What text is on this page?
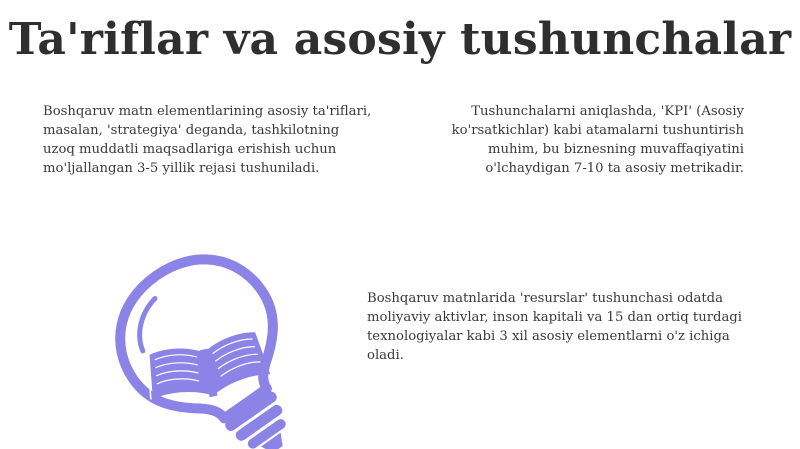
Ta'riflar va asosiy tushunchalar

Boshqaruv matn elementlarining asosiy ta'riflari, masalan, 'strategiya' deganda, tashkilotning uzoq muddatli maqsadlariga erishish uchun mo'ljallangan 3-5 yillik rejasi tushuniladi.

Tushunchalarni aniqlashda, 'KPI' (Asosiy ko'rsatkichlar) kabi atamalarni tushuntirish muhim, bu biznesning muvaffaqiyatini o'lchaydigan 7-10 ta asosiy metrikadir.

Boshqaruv matnlarida 'resurslar' tushunchasi odatda moliyaviy aktivlar, inson kapitali va 15 dan ortiq turdagi texnologiyalar kabi 3 xil asosiy elementlarni o'z ichiga oladi.
